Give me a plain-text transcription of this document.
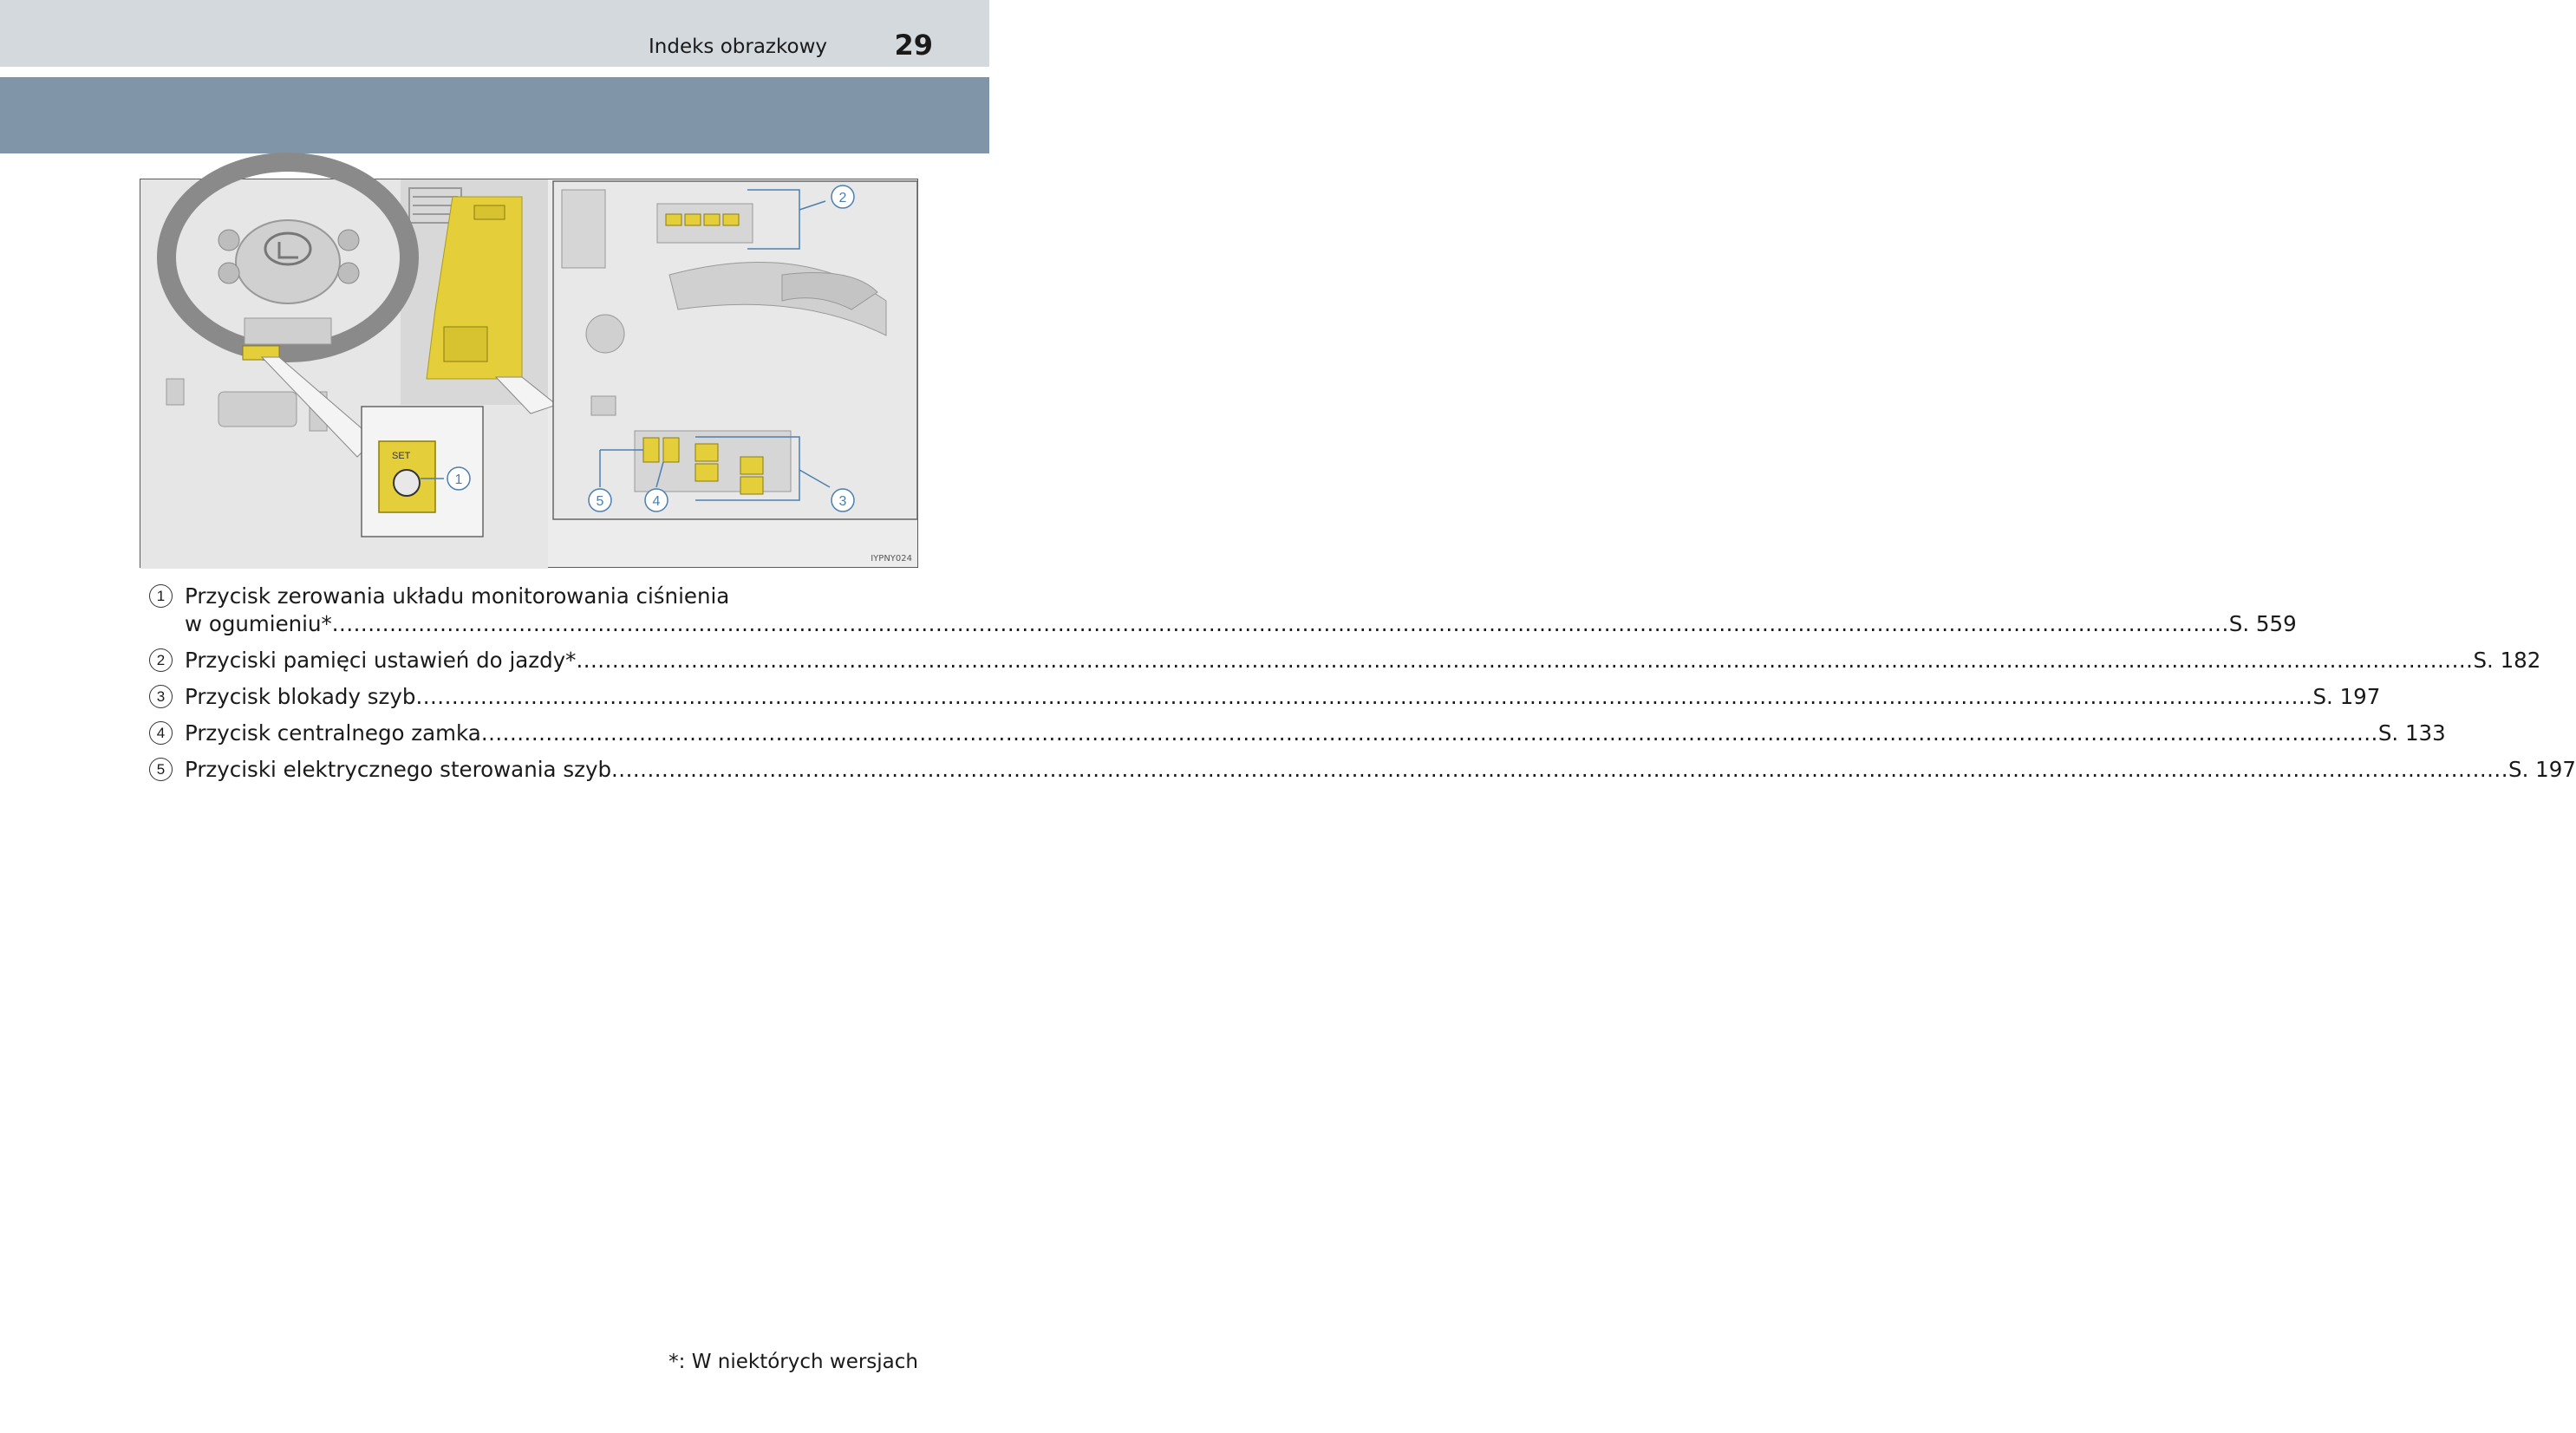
Indeks obrazkowy 29
SET
1
2
3
4
5
IYPNY024
1 Przycisk zerowania układu monitorowania ciśnienia
w ogumieniu* .....	S. 559
2 Przyciski pamięci ustawień do jazdy* .....	S. 182
3 Przycisk blokady szyb .....	S. 197
4 Przycisk centralnego zamka .....	S. 133
5 Przyciski elektrycznego sterowania szyb .....	S. 197
*: W niektórych wersjach
